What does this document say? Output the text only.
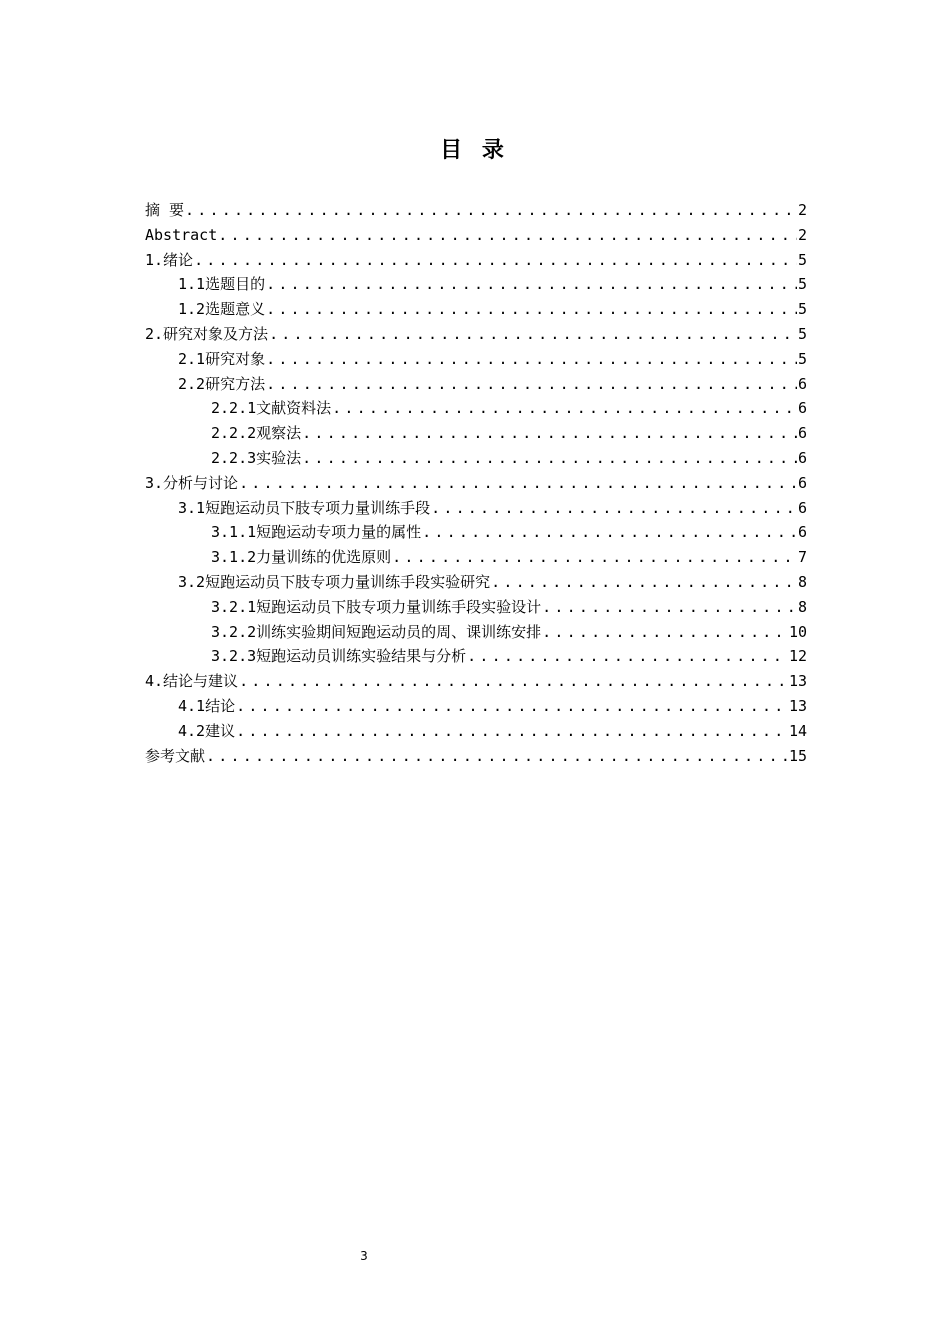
目 录
摘 要 .....	2
Abstract .....	2
1.绪论 .....	5
1.1选题目的 .....	5
1.2选题意义 .....	5
2.研究对象及方法 .....	5
2.1研究对象 .....	5
2.2研究方法 .....	6
2.2.1文献资料法 .....	6
2.2.2观察法 .....	6
2.2.3实验法 .....	6
3.分析与讨论 .....	6
3.1短跑运动员下肢专项力量训练手段 .....	6
3.1.1短跑运动专项力量的属性 .....	6
3.1.2力量训练的优选原则 .....	7
3.2短跑运动员下肢专项力量训练手段实验研究 .....	8
3.2.1短跑运动员下肢专项力量训练手段实验设计 .....	8
3.2.2训练实验期间短跑运动员的周、课训练安排 .....	10
3.2.3短跑运动员训练实验结果与分析 .....	12
4.结论与建议 .....	13
4.1结论 .....	13
4.2建议 .....	14
参考文献 .....	15
3
